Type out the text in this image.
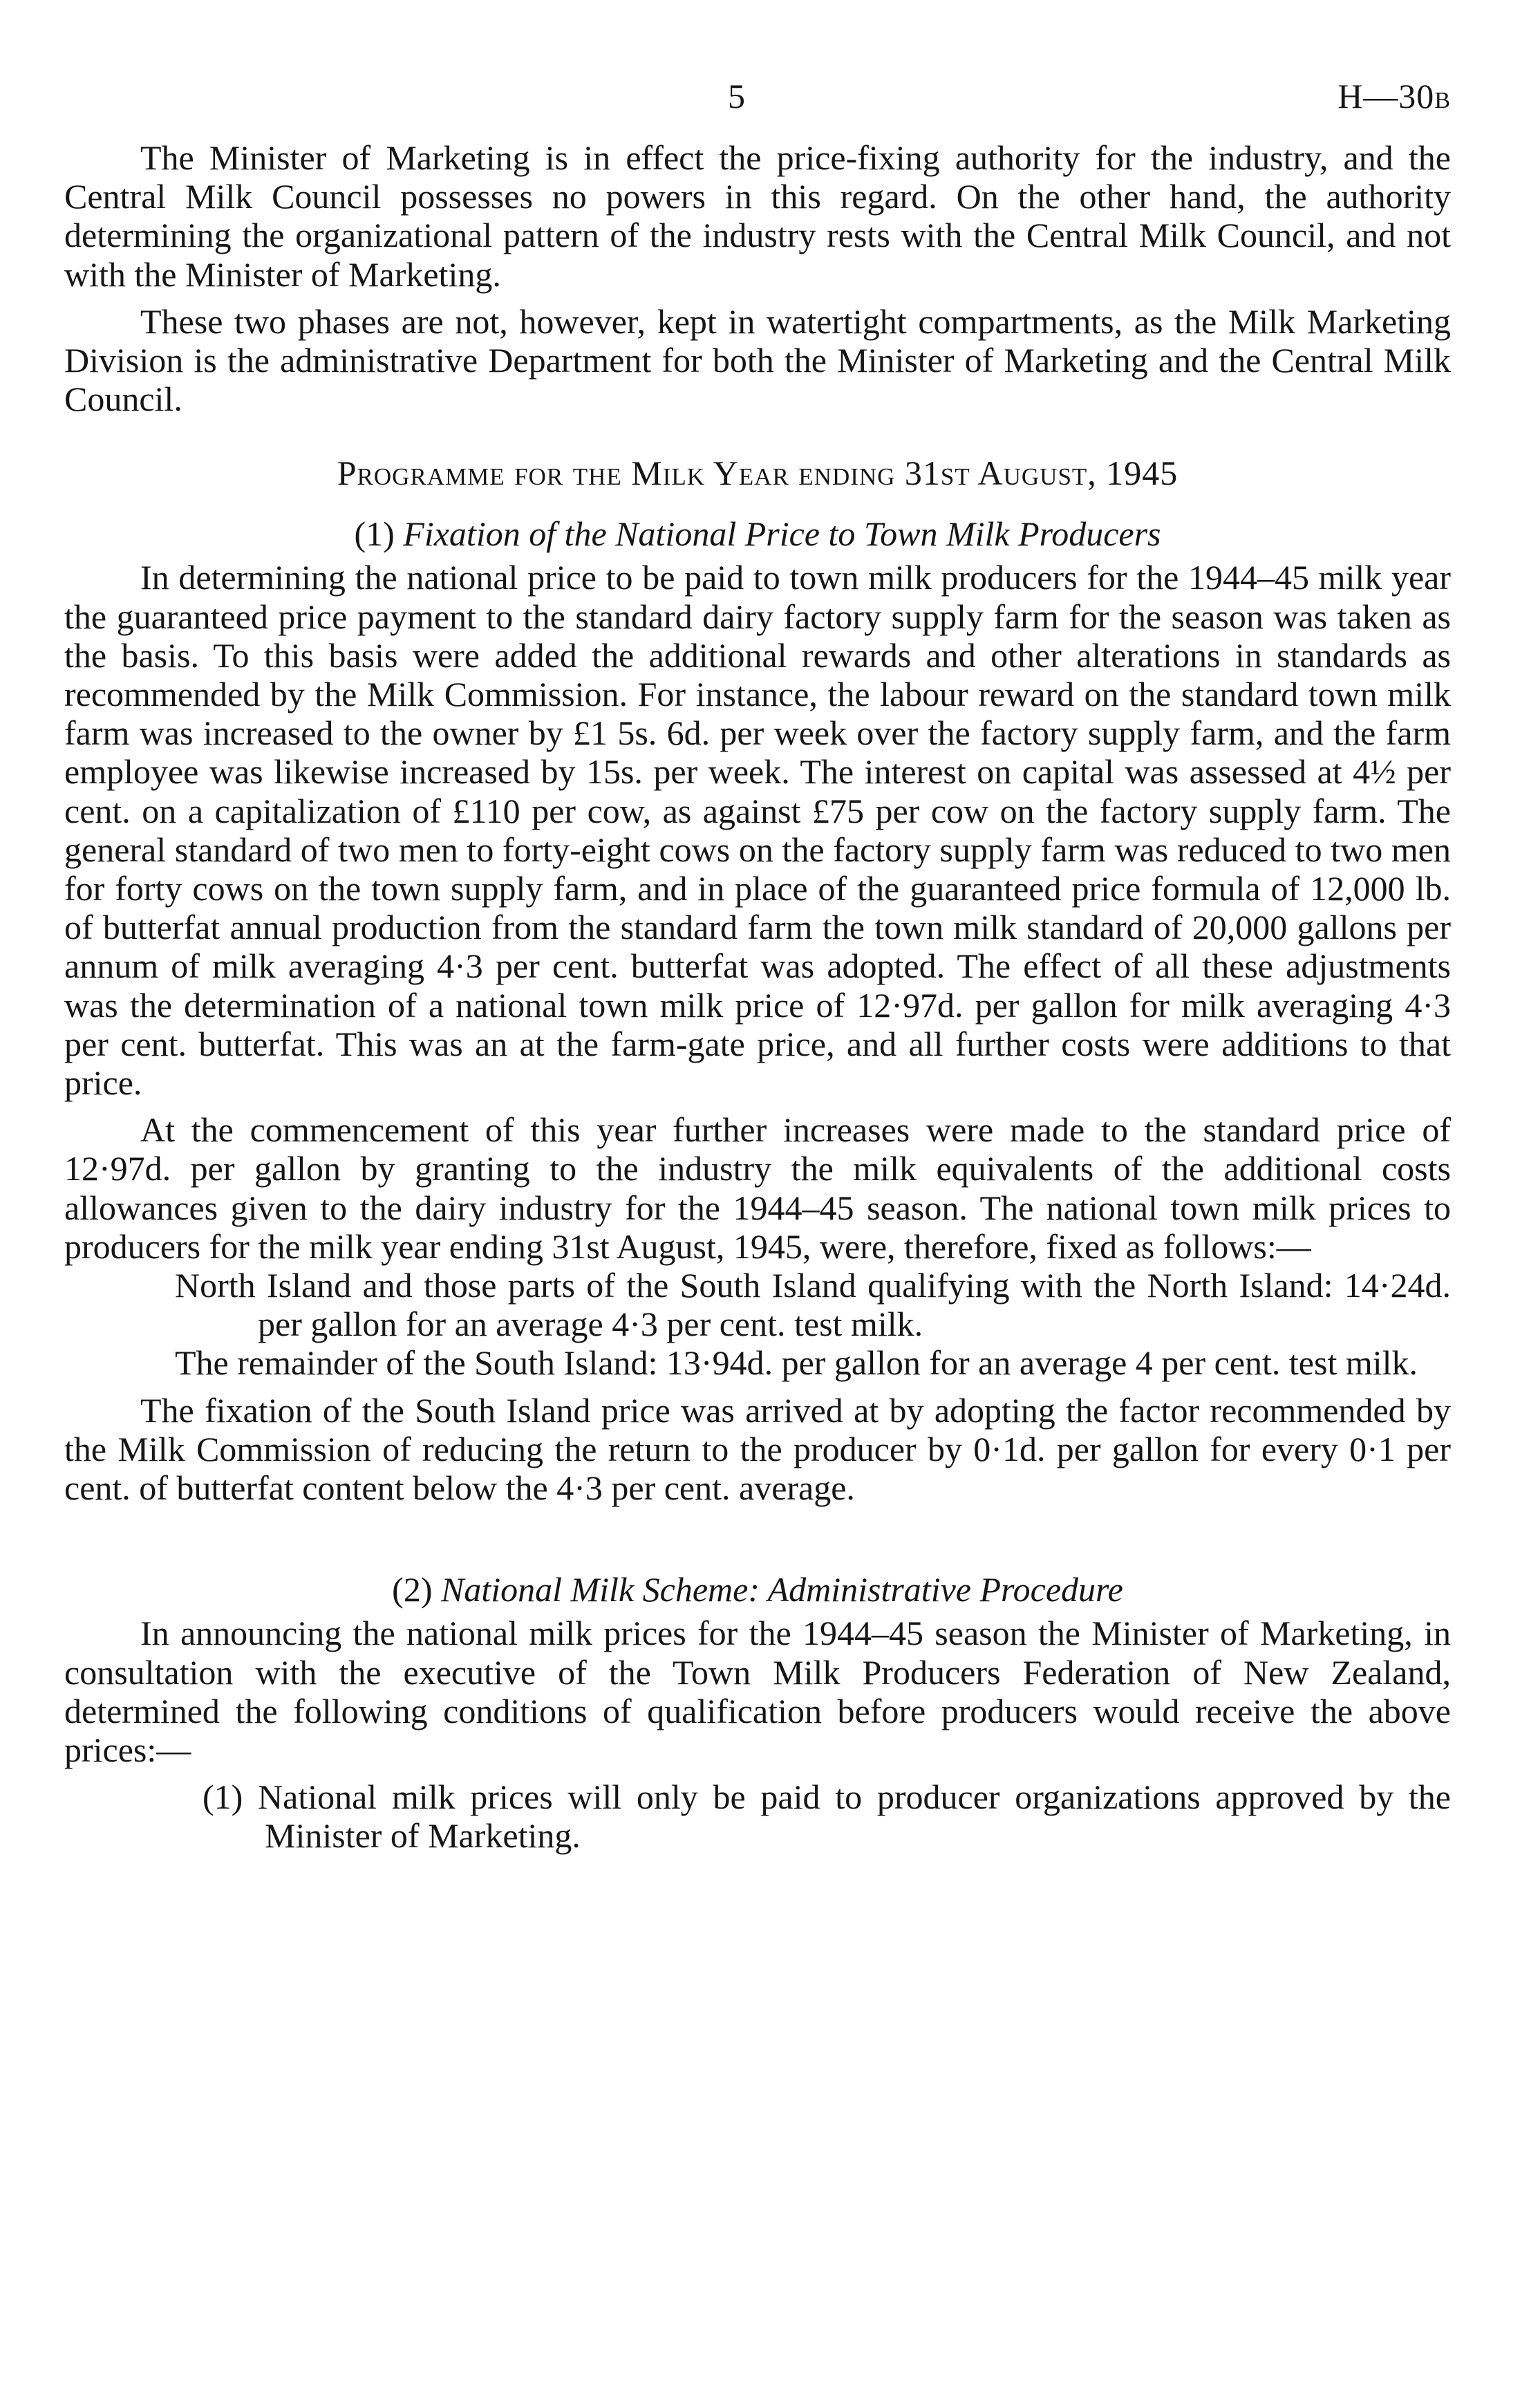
5	H—30B

The Minister of Marketing is in effect the price-fixing authority for the industry, and the Central Milk Council possesses no powers in this regard. On the other hand, the authority determining the organizational pattern of the industry rests with the Central Milk Council, and not with the Minister of Marketing.

These two phases are not, however, kept in watertight compartments, as the Milk Marketing Division is the administrative Department for both the Minister of Marketing and the Central Milk Council.

Programme for the Milk Year ending 31st August, 1945
(1) Fixation of the National Price to Town Milk Producers

In determining the national price to be paid to town milk producers for the 1944–45 milk year the guaranteed price payment to the standard dairy factory supply farm for the season was taken as the basis. To this basis were added the additional rewards and other alterations in standards as recommended by the Milk Commission. For instance, the labour reward on the standard town milk farm was increased to the owner by £1 5s. 6d. per week over the factory supply farm, and the farm employee was likewise increased by 15s. per week. The interest on capital was assessed at 4½ per cent. on a capitalization of £110 per cow, as against £75 per cow on the factory supply farm. The general standard of two men to forty-eight cows on the factory supply farm was reduced to two men for forty cows on the town supply farm, and in place of the guaranteed price formula of 12,000 lb. of butterfat annual production from the standard farm the town milk standard of 20,000 gallons per annum of milk averaging 4·3 per cent. butterfat was adopted. The effect of all these adjustments was the determination of a national town milk price of 12·97d. per gallon for milk averaging 4·3 per cent. butterfat. This was an at the farm-gate price, and all further costs were additions to that price.

At the commencement of this year further increases were made to the standard price of 12·97d. per gallon by granting to the industry the milk equivalents of the additional costs allowances given to the dairy industry for the 1944–45 season. The national town milk prices to producers for the milk year ending 31st August, 1945, were, therefore, fixed as follows:—

North Island and those parts of the South Island qualifying with the North Island: 14·24d. per gallon for an average 4·3 per cent. test milk.
The remainder of the South Island: 13·94d. per gallon for an average 4 per cent. test milk.

The fixation of the South Island price was arrived at by adopting the factor recommended by the Milk Commission of reducing the return to the producer by 0·1d. per gallon for every 0·1 per cent. of butterfat content below the 4·3 per cent. average.

(2) National Milk Scheme: Administrative Procedure

In announcing the national milk prices for the 1944–45 season the Minister of Marketing, in consultation with the executive of the Town Milk Producers Federation of New Zealand, determined the following conditions of qualification before producers would receive the above prices:—

(1) National milk prices will only be paid to producer organizations approved by the Minister of Marketing.
